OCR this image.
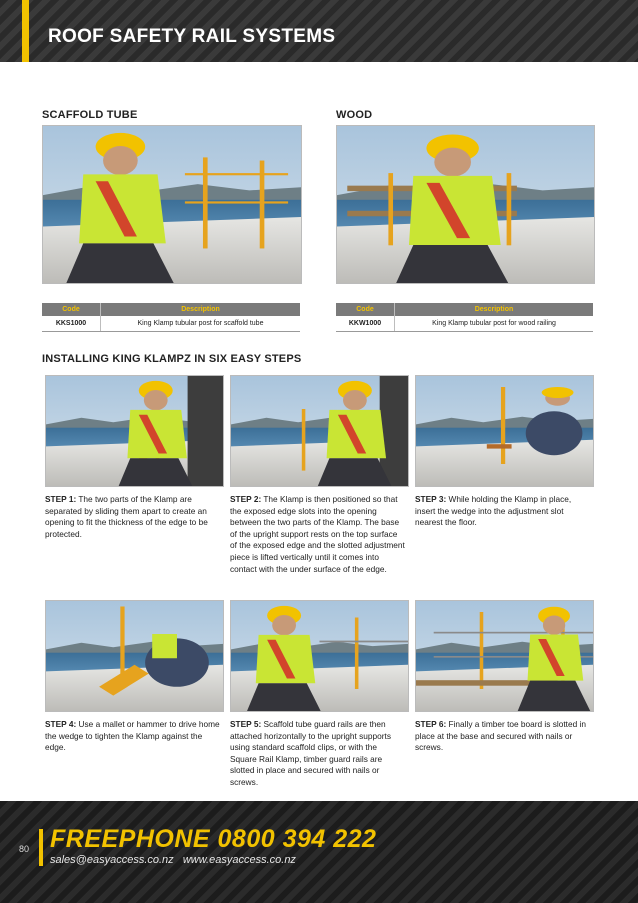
ROOF SAFETY RAIL SYSTEMS
SCAFFOLD TUBE	WOOD
Code	Description
KKS1000	King Klamp tubular post for scaffold tube
Code	Description
KKW1000	King Klamp tubular post for wood railing
INSTALLING KING KLAMPZ IN SIX EASY STEPS
STEP 1: The two parts of the Klamp are separated by sliding them apart to create an opening to fit the thickness of the edge to be protected.
STEP 2: The Klamp is then positioned so that the exposed edge slots into the opening between the two parts of the Klamp. The base of the upright support rests on the top surface of the exposed edge and the slotted adjustment piece is lifted vertically until it comes into contact with the under surface of the edge.
STEP 3: While holding the Klamp in place, insert the wedge into the adjustment slot nearest the floor.
STEP 4: Use a mallet or hammer to drive home the wedge to tighten the Klamp against the edge.
STEP 5: Scaffold tube guard rails are then attached horizontally to the upright supports using standard scaffold clips, or with the Square Rail Klamp, timber guard rails are slotted in place and secured with nails or screws.
STEP 6: Finally a timber toe board is slotted in place at the base and secured with nails or screws.
80 FREEPHONE 0800 394 222
sales@easyaccess.co.nz   www.easyaccess.co.nz
